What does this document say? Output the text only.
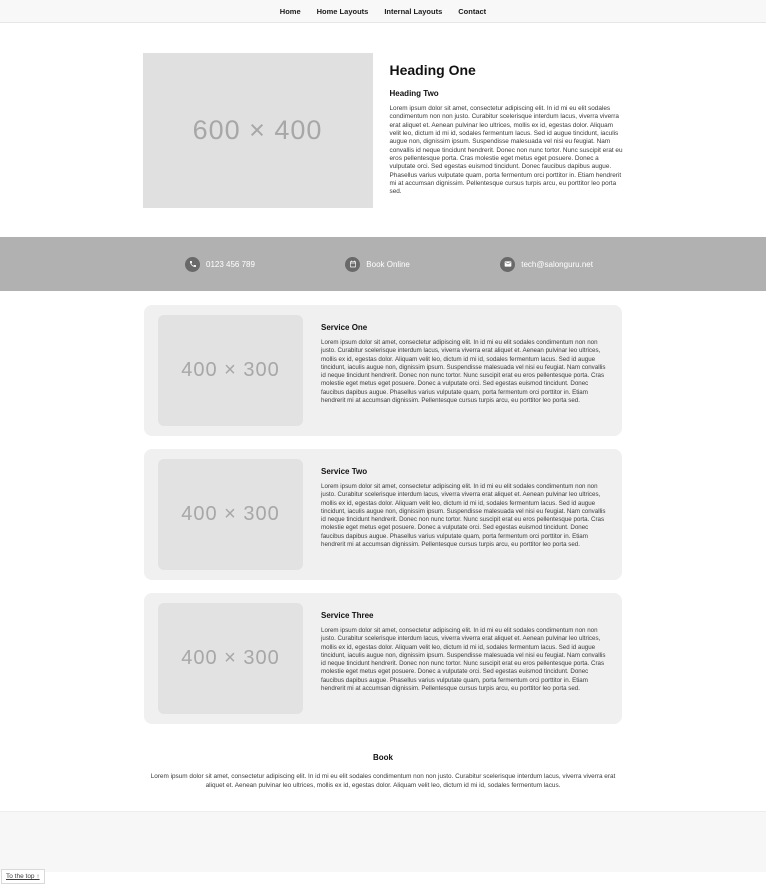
Home Home Layouts Internal Layouts Contact
600 × 400
Heading One
Heading Two

Lorem ipsum dolor sit amet, consectetur adipiscing elit. In id mi eu elit sodales condimentum non non justo. Curabitur scelerisque interdum lacus, viverra viverra erat aliquet et. Aenean pulvinar leo ultrices, mollis ex id, egestas dolor. Aliquam velit leo, dictum id mi id, sodales fermentum lacus. Sed id augue tincidunt, iaculis augue non, dignissim ipsum. Suspendisse malesuada vel nisi eu feugiat. Nam convallis id neque tincidunt hendrerit. Donec non nunc tortor. Nunc suscipit erat eu eros pellentesque porta. Cras molestie eget metus eget posuere. Donec a vulputate orci. Sed egestas euismod tincidunt. Donec faucibus dapibus augue. Phasellus varius vulputate quam, porta fermentum orci porttitor in. Etiam hendrerit mi at accumsan dignissim. Pellentesque cursus turpis arcu, eu porttitor leo porta sed.

0123 456 789	Book Online	tech@salonguru.net
400 × 300
Service One

Lorem ipsum dolor sit amet, consectetur adipiscing elit. In id mi eu elit sodales condimentum non non justo. Curabitur scelerisque interdum lacus, viverra viverra erat aliquet et. Aenean pulvinar leo ultrices, mollis ex id, egestas dolor. Aliquam velit leo, dictum id mi id, sodales fermentum lacus. Sed id augue tincidunt, iaculis augue non, dignissim ipsum. Suspendisse malesuada vel nisi eu feugiat. Nam convallis id neque tincidunt hendrerit. Donec non nunc tortor. Nunc suscipit erat eu eros pellentesque porta. Cras molestie eget metus eget posuere. Donec a vulputate orci. Sed egestas euismod tincidunt. Donec faucibus dapibus augue. Phasellus varius vulputate quam, porta fermentum orci porttitor in. Etiam hendrerit mi at accumsan dignissim. Pellentesque cursus turpis arcu, eu porttitor leo porta sed.

400 × 300
Service Two

Lorem ipsum dolor sit amet, consectetur adipiscing elit. In id mi eu elit sodales condimentum non non justo. Curabitur scelerisque interdum lacus, viverra viverra erat aliquet et. Aenean pulvinar leo ultrices, mollis ex id, egestas dolor. Aliquam velit leo, dictum id mi id, sodales fermentum lacus. Sed id augue tincidunt, iaculis augue non, dignissim ipsum. Suspendisse malesuada vel nisi eu feugiat. Nam convallis id neque tincidunt hendrerit. Donec non nunc tortor. Nunc suscipit erat eu eros pellentesque porta. Cras molestie eget metus eget posuere. Donec a vulputate orci. Sed egestas euismod tincidunt. Donec faucibus dapibus augue. Phasellus varius vulputate quam, porta fermentum orci porttitor in. Etiam hendrerit mi at accumsan dignissim. Pellentesque cursus turpis arcu, eu porttitor leo porta sed.

400 × 300
Service Three

Lorem ipsum dolor sit amet, consectetur adipiscing elit. In id mi eu elit sodales condimentum non non justo. Curabitur scelerisque interdum lacus, viverra viverra erat aliquet et. Aenean pulvinar leo ultrices, mollis ex id, egestas dolor. Aliquam velit leo, dictum id mi id, sodales fermentum lacus. Sed id augue tincidunt, iaculis augue non, dignissim ipsum. Suspendisse malesuada vel nisi eu feugiat. Nam convallis id neque tincidunt hendrerit. Donec non nunc tortor. Nunc suscipit erat eu eros pellentesque porta. Cras molestie eget metus eget posuere. Donec a vulputate orci. Sed egestas euismod tincidunt. Donec faucibus dapibus augue. Phasellus varius vulputate quam, porta fermentum orci porttitor in. Etiam hendrerit mi at accumsan dignissim. Pellentesque cursus turpis arcu, eu porttitor leo porta sed.

Book

Lorem ipsum dolor sit amet, consectetur adipiscing elit. In id mi eu elit sodales condimentum non non justo. Curabitur scelerisque interdum lacus, viverra viverra erat aliquet et. Aenean pulvinar leo ultrices, mollis ex id, egestas dolor. Aliquam velit leo, dictum id mi id, sodales fermentum lacus.

To the top ↑
